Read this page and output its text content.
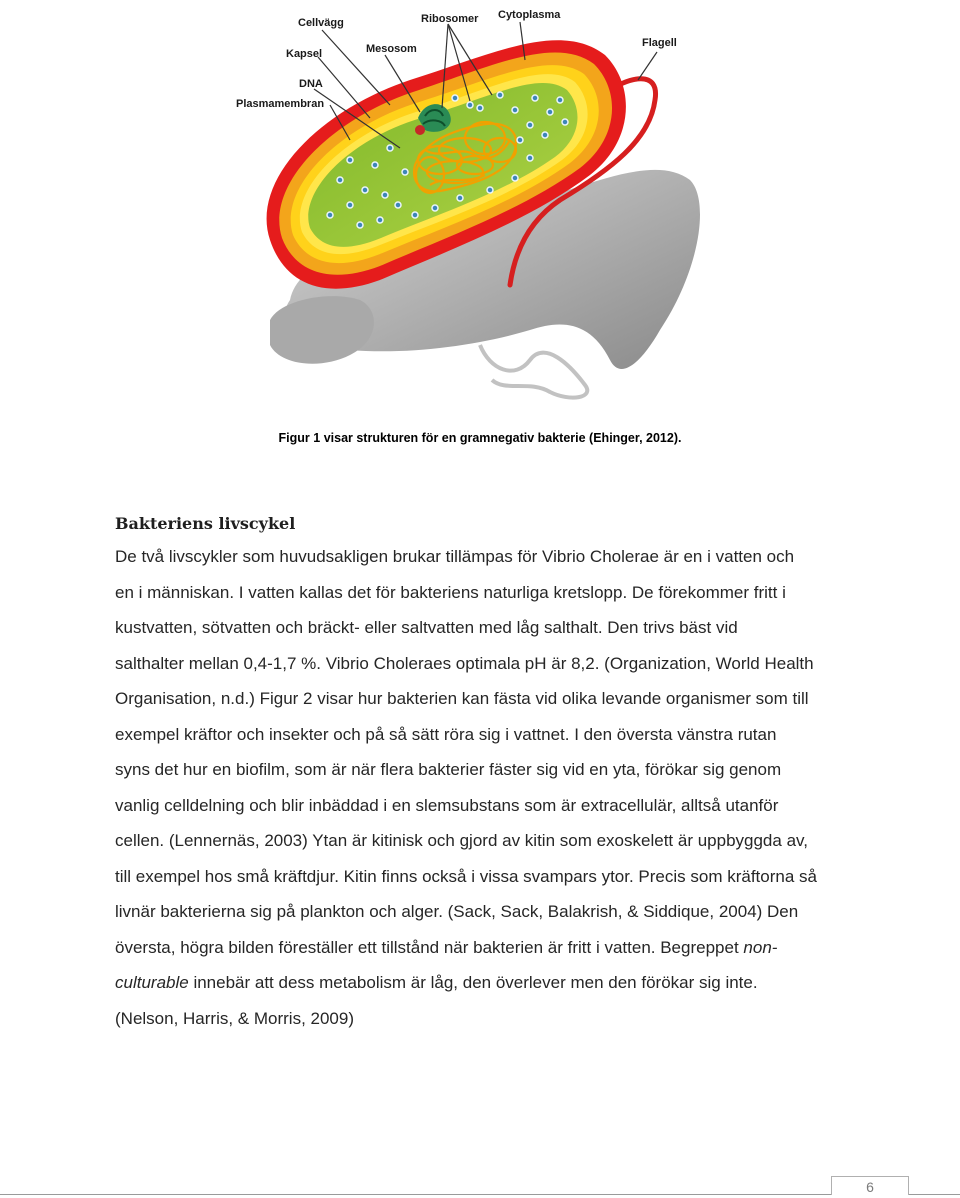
Cellvägg	Ribosomer Cytoplasma
Kapsel	Mesosom	Flagell
DNA
Plasmamembran
Figur 1 visar strukturen för en gramnegativ bakterie (Ehinger, 2012).
Bakteriens livscykel
De två livscykler som huvudsakligen brukar tillämpas för Vibrio Cholerae är en i vatten och
en i människan. I vatten kallas det för bakteriens naturliga kretslopp. De förekommer fritt i
kustvatten, sötvatten och bräckt- eller saltvatten med låg salthalt. Den trivs bäst vid
salthalter mellan 0,4-1,7 %. Vibrio Choleraes optimala pH är 8,2. (Organization, World Health
Organisation, n.d.) Figur 2 visar hur bakterien kan fästa vid olika levande organismer som till
exempel kräftor och insekter och på så sätt röra sig i vattnet. I den översta vänstra rutan
syns det hur en biofilm, som är när flera bakterier fäster sig vid en yta, förökar sig genom
vanlig celldelning och blir inbäddad i en slemsubstans som är extracellulär, alltså utanför
cellen. (Lennernäs, 2003) Ytan är kitinisk och gjord av kitin som exoskelett är uppbyggda av,
till exempel hos små kräftdjur. Kitin finns också i vissa svampars ytor. Precis som kräftorna så
livnär bakterierna sig på plankton och alger. (Sack, Sack, Balakrish, & Siddique, 2004) Den
översta, högra bilden föreställer ett tillstånd när bakterien är fritt i vatten. Begreppet non-
culturable innebär att dess metabolism är låg, den överlever men den förökar sig inte.
(Nelson, Harris, & Morris, 2009)
6
